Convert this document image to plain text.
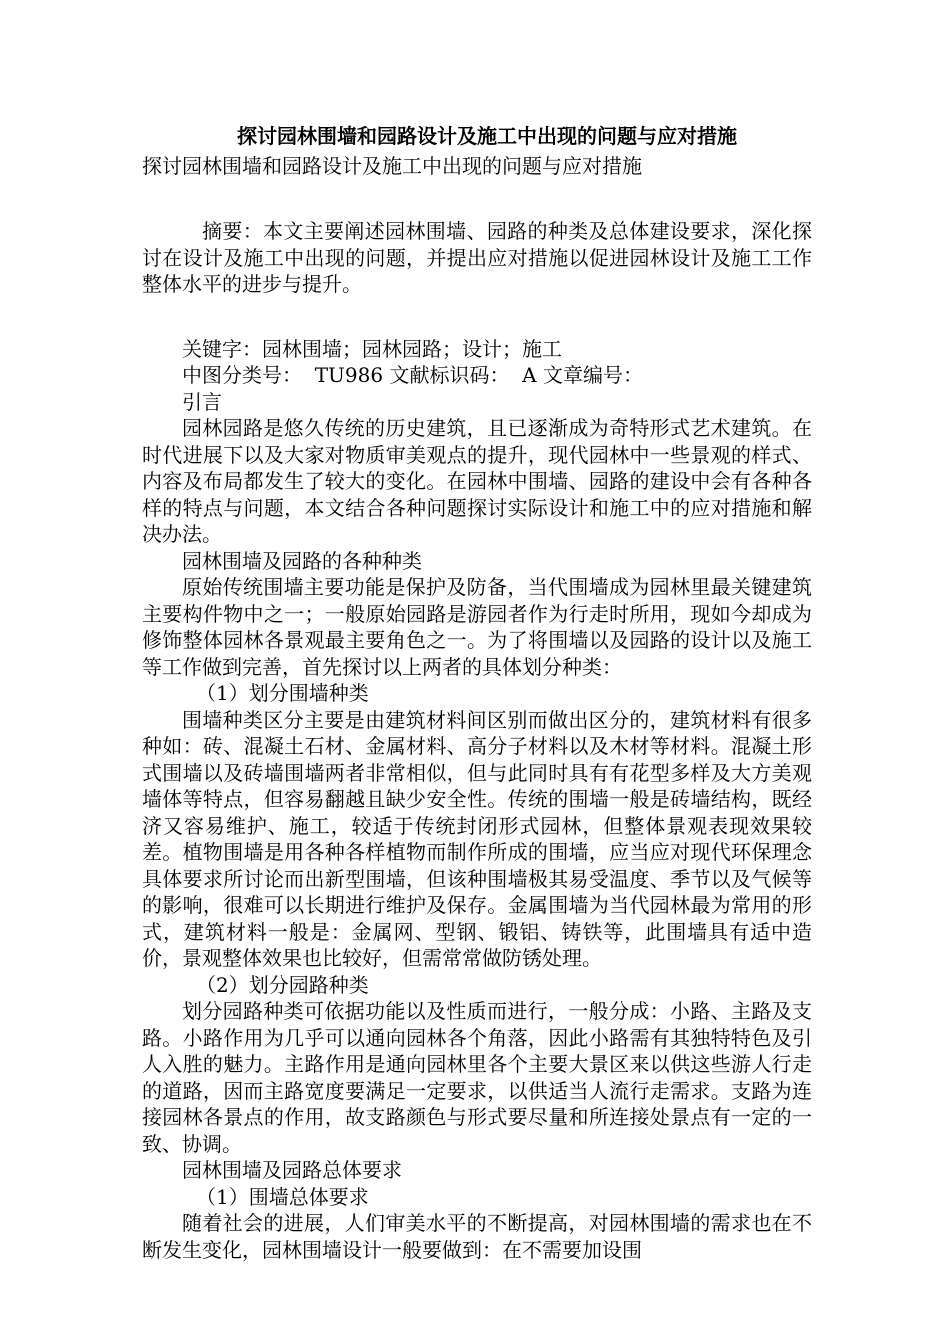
探讨园林围墙和园路设计及施工中出现的问题与应对措施

探讨园林围墙和园路设计及施工中出现的问题与应对措施

摘要：本文主要阐述园林围墙、园路的种类及总体建设要求，深化探讨在设计及施工中出现的问题，并提出应对措施以促进园林设计及施工工作整体水平的进步与提升。

关键字：园林围墙；园林园路；设计；施工

中图分类号：  TU986 文献标识码：  A 文章编号：

引言

园林园路是悠久传统的历史建筑，且已逐渐成为奇特形式艺术建筑。在时代进展下以及大家对物质审美观点的提升，现代园林中一些景观的样式、内容及布局都发生了较大的变化。在园林中围墙、园路的建设中会有各种各样的特点与问题，本文结合各种问题探讨实际设计和施工中的应对措施和解决办法。

园林围墙及园路的各种种类

原始传统围墙主要功能是保护及防备，当代围墙成为园林里最关键建筑主要构件物中之一；一般原始园路是游园者作为行走时所用，现如今却成为修饰整体园林各景观最主要角色之一。为了将围墙以及园路的设计以及施工等工作做到完善，首先探讨以上两者的具体划分种类：

（1）划分围墙种类

围墙种类区分主要是由建筑材料间区别而做出区分的，建筑材料有很多种如：砖、混凝土石材、金属材料、高分子材料以及木材等材料。混凝土形式围墙以及砖墙围墙两者非常相似，但与此同时具有有花型多样及大方美观墙体等特点，但容易翻越且缺少安全性。传统的围墙一般是砖墙结构，既经济又容易维护、施工，较适于传统封闭形式园林，但整体景观表现效果较差。植物围墙是用各种各样植物而制作所成的围墙，应当应对现代环保理念具体要求所讨论而出新型围墙，但该种围墙极其易受温度、季节以及气候等的影响，很难可以长期进行维护及保存。金属围墙为当代园林最为常用的形式，建筑材料一般是：金属网、型钢、锻铝、铸铁等，此围墙具有适中造价，景观整体效果也比较好，但需常常做防锈处理。

（2）划分园路种类

划分园路种类可依据功能以及性质而进行，一般分成：小路、主路及支路。小路作用为几乎可以通向园林各个角落，因此小路需有其独特特色及引人入胜的魅力。主路作用是通向园林里各个主要大景区来以供这些游人行走的道路，因而主路宽度要满足一定要求，以供适当人流行走需求。支路为连接园林各景点的作用，故支路颜色与形式要尽量和所连接处景点有一定的一致、协调。

园林围墙及园路总体要求

（1）围墙总体要求

随着社会的进展，人们审美水平的不断提高，对园林围墙的需求也在不断发生变化，园林围墙设计一般要做到：在不需要加设围
